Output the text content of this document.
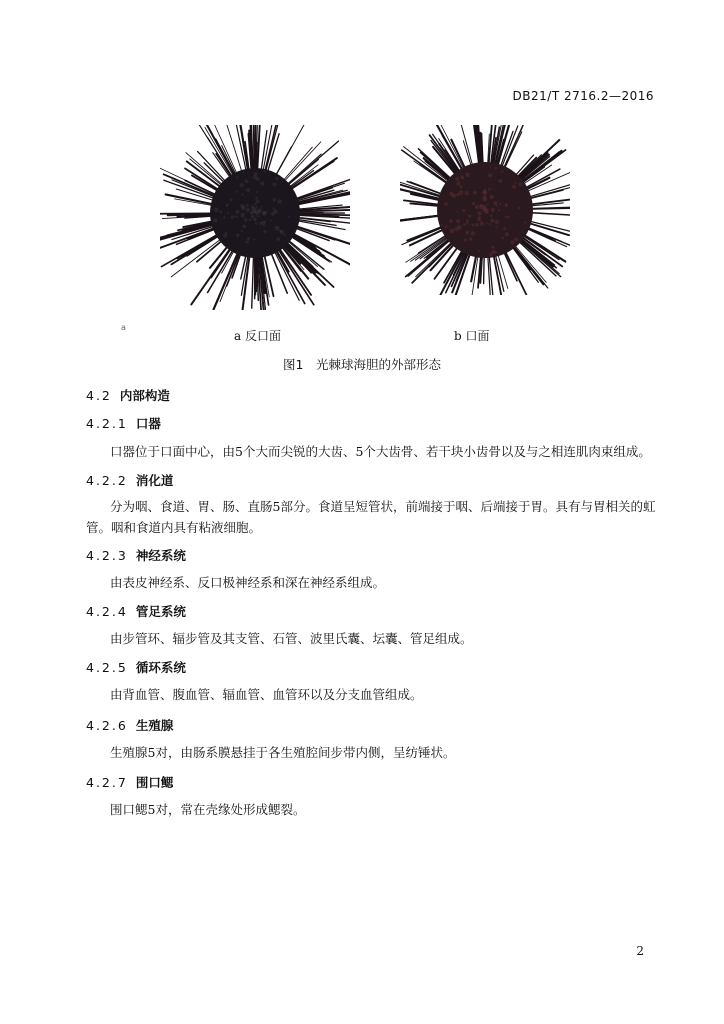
DB21/T 2716.2—2016
a
a 反口面	b 口面
图1　光棘球海胆的外部形态
4.2 内部构造
4.2.1 口器
口器位于口面中心，由5个大而尖锐的大齿、5个大齿骨、若干块小齿骨以及与之相连肌肉束组成。
4.2.2 消化道
分为咽、食道、胃、肠、直肠5部分。食道呈短管状，前端接于咽、后端接于胃。具有与胃相关的虹管。咽和食道内具有粘液细胞。
4.2.3 神经系统
由表皮神经系、反口极神经系和深在神经系组成。
4.2.4 管足系统
由步管环、辐步管及其支管、石管、波里氏囊、坛囊、管足组成。
4.2.5 循环系统
由背血管、腹血管、辐血管、血管环以及分支血管组成。
4.2.6 生殖腺
生殖腺5对，由肠系膜悬挂于各生殖腔间步带内侧，呈纺锤状。
4.2.7 围口鳃
围口鳃5对，常在壳缘处形成鳃裂。
2
